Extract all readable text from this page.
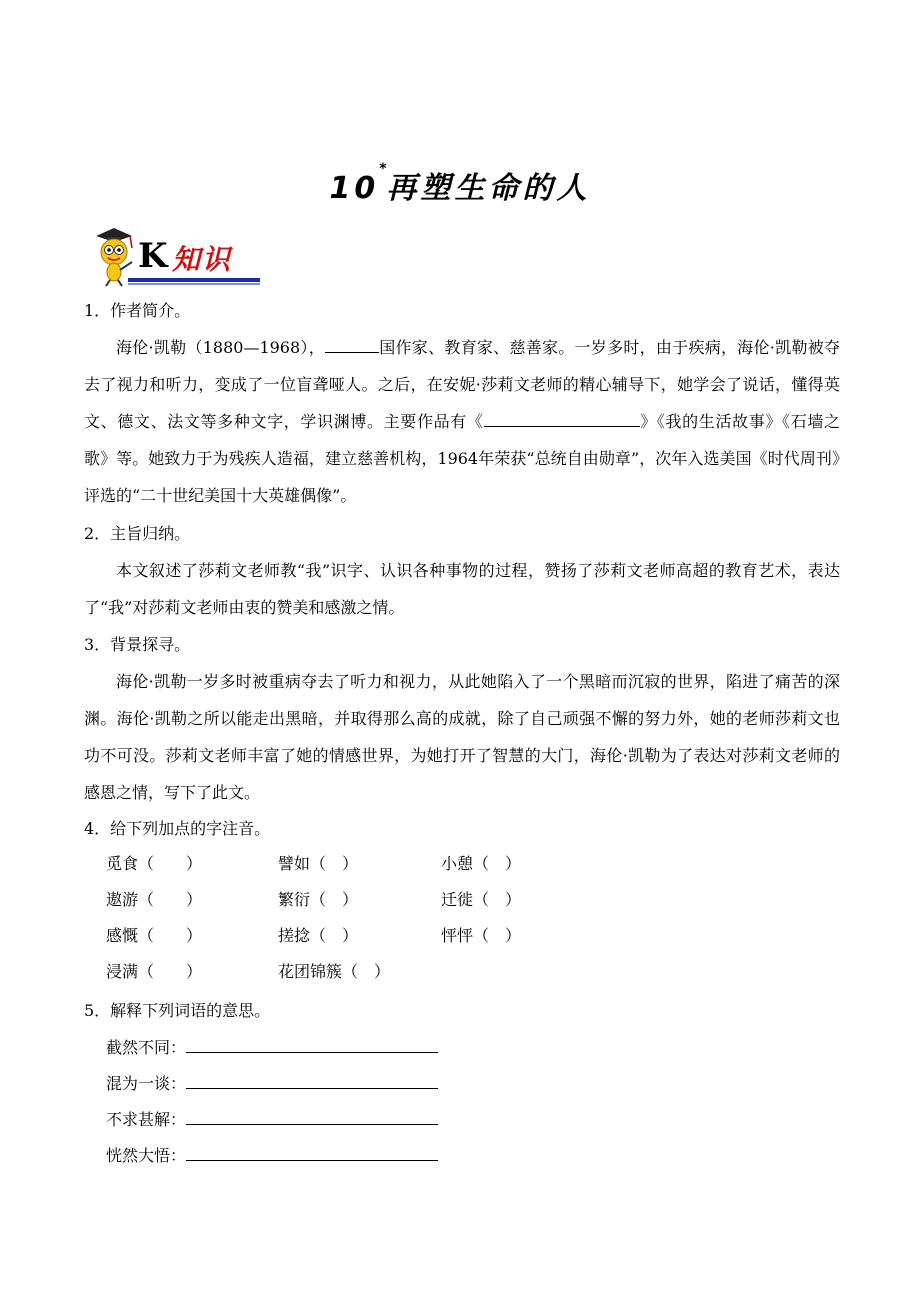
10*再塑生命的人
K 知识
1．作者简介。
海伦·凯勒（1880—1968），	国作家、教育家、慈善家。一岁多时，由于疾病，海伦·凯勒被夺去了视力和听力，变成了一位盲聋哑人。之后，在安妮·莎莉文老师的精心辅导下，她学会了说话，懂得英文、德文、法文等多种文字，学识渊博。主要作品有《	》《我的生活故事》《石墙之歌》等。她致力于为残疾人造福，建立慈善机构，1964年荣获“总统自由勋章”，次年入选美国《时代周刊》评选的“二十世纪美国十大英雄偶像”。
2．主旨归纳。
本文叙述了莎莉文老师教“我”识字、认识各种事物的过程，赞扬了莎莉文老师高超的教育艺术，表达了“我”对莎莉文老师由衷的赞美和感激之情。
3．背景探寻。
海伦·凯勒一岁多时被重病夺去了听力和视力，从此她陷入了一个黑暗而沉寂的世界，陷进了痛苦的深渊。海伦·凯勒之所以能走出黑暗，并取得那么高的成就，除了自己顽强不懈的努力外，她的老师莎莉文也功不可没。莎莉文老师丰富了她的情感世界，为她打开了智慧的大门，海伦·凯勒为了表达对莎莉文老师的感恩之情，写下了此文。
4．给下列加点的字注音。
觅食（　　）	譬如（　）	小憩（　）
遨游（　　）	繁衍（　）	迁徙（　）
感慨（　　）	搓捻（　）	怦怦（　）
浸满（　　）	花团锦簇（　）
5．解释下列词语的意思。
截然不同：
混为一谈：
不求甚解：
恍然大悟：
